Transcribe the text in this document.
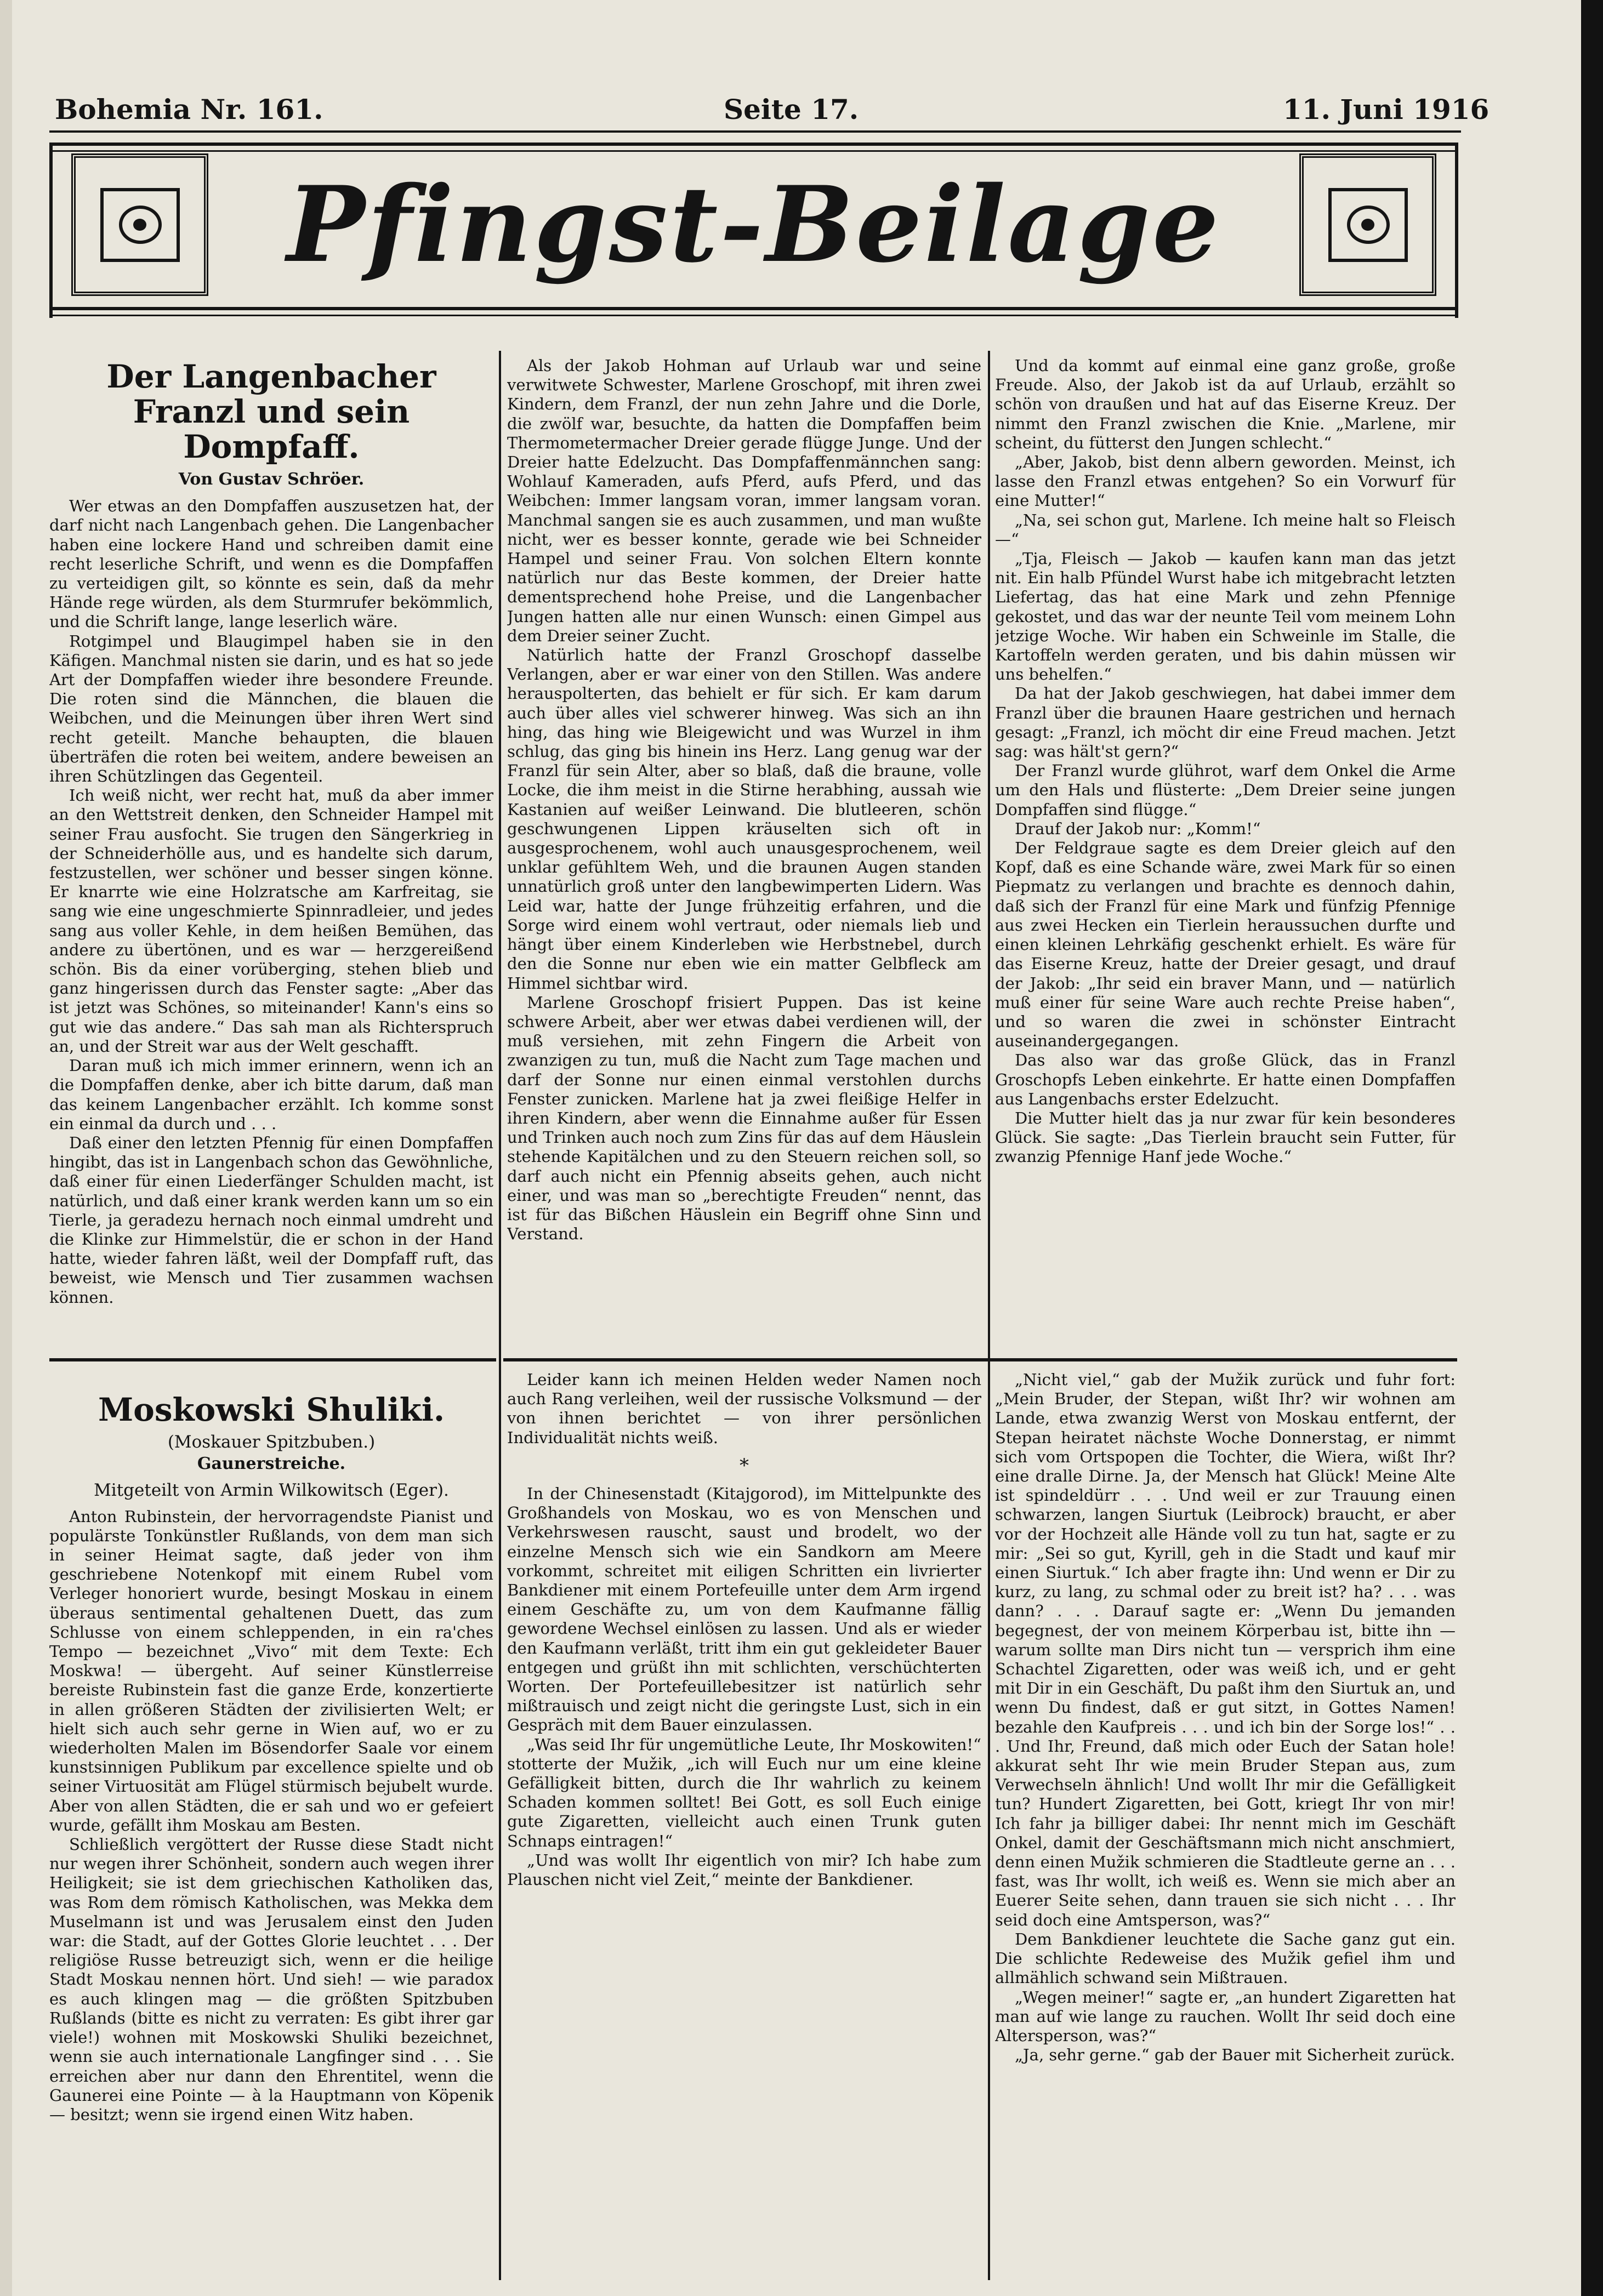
Bohemia Nr. 161.	Seite 17.	11. Juni 1916
Pfingst-Beilage
Der Langenbacher Franzl und sein Dompfaff.
Von Gustav Schröer.

Wer etwas an den Dompfaffen auszusetzen hat, der darf nicht nach Langenbach gehen. Die Langenbacher haben eine lockere Hand und schreiben damit eine recht leserliche Schrift, und wenn es die Dompfaffen zu verteidigen gilt, so könnte es sein, daß da mehr Hände rege würden, als dem Sturmrufer bekömmlich, und die Schrift lange, lange leserlich wäre.

Rotgimpel und Blaugimpel haben sie in den Käfigen. Manchmal nisten sie darin, und es hat so jede Art der Dompfaffen wieder ihre besondere Freunde. Die roten sind die Männchen, die blauen die Weibchen, und die Meinungen über ihren Wert sind recht geteilt. Manche behaupten, die blauen überträfen die roten bei weitem, andere beweisen an ihren Schützlingen das Gegenteil.

Ich weiß nicht, wer recht hat, muß da aber immer an den Wettstreit denken, den Schneider Hampel mit seiner Frau ausfocht. Sie trugen den Sängerkrieg in der Schneiderhölle aus, und es handelte sich darum, festzustellen, wer schöner und besser singen könne. Er knarrte wie eine Holzratsche am Karfreitag, sie sang wie eine ungeschmierte Spinnradleier, und jedes sang aus voller Kehle, in dem heißen Bemühen, das andere zu übertönen, und es war — herzgereißend schön. Bis da einer vorüberging, stehen blieb und ganz hingerissen durch das Fenster sagte: „Aber das ist jetzt was Schönes, so miteinander! Kann's eins so gut wie das andere.“ Das sah man als Richterspruch an, und der Streit war aus der Welt geschafft.

Daran muß ich mich immer erinnern, wenn ich an die Dompfaffen denke, aber ich bitte darum, daß man das keinem Langenbacher erzählt. Ich komme sonst ein einmal da durch und . . .

Daß einer den letzten Pfennig für einen Dompfaffen hingibt, das ist in Langenbach schon das Gewöhnliche, daß einer für einen Liederfänger Schulden macht, ist natürlich, und daß einer krank werden kann um so ein Tierle, ja geradezu hernach noch einmal umdreht und die Klinke zur Himmelstür, die er schon in der Hand hatte, wieder fahren läßt, weil der Dompfaff ruft, das beweist, wie Mensch und Tier zusammen wachsen können.

Als der Jakob Hohman auf Urlaub war und seine verwitwete Schwester, Marlene Groschopf, mit ihren zwei Kindern, dem Franzl, der nun zehn Jahre und die Dorle, die zwölf war, besuchte, da hatten die Dompfaffen beim Thermometermacher Dreier gerade flügge Junge. Und der Dreier hatte Edelzucht. Das Dompfaffenmännchen sang: Wohlauf Kameraden, aufs Pferd, aufs Pferd, und das Weibchen: Immer langsam voran, immer langsam voran. Manchmal sangen sie es auch zusammen, und man wußte nicht, wer es besser konnte, gerade wie bei Schneider Hampel und seiner Frau. Von solchen Eltern konnte natürlich nur das Beste kommen, der Dreier hatte dementsprechend hohe Preise, und die Langenbacher Jungen hatten alle nur einen Wunsch: einen Gimpel aus dem Dreier seiner Zucht.

Natürlich hatte der Franzl Groschopf dasselbe Verlangen, aber er war einer von den Stillen. Was andere herauspolterten, das behielt er für sich. Er kam darum auch über alles viel schwerer hinweg. Was sich an ihn hing, das hing wie Bleigewicht und was Wurzel in ihm schlug, das ging bis hinein ins Herz. Lang genug war der Franzl für sein Alter, aber so blaß, daß die braune, volle Locke, die ihm meist in die Stirne herabhing, aussah wie Kastanien auf weißer Leinwand. Die blutleeren, schön geschwungenen Lippen kräuselten sich oft in ausgesprochenem, wohl auch unausgesprochenem, weil unklar gefühltem Weh, und die braunen Augen standen unnatürlich groß unter den langbewimperten Lidern. Was Leid war, hatte der Junge frühzeitig erfahren, und die Sorge wird einem wohl vertraut, oder niemals lieb und hängt über einem Kinderleben wie Herbstnebel, durch den die Sonne nur eben wie ein matter Gelbfleck am Himmel sichtbar wird.

Marlene Groschopf frisiert Puppen. Das ist keine schwere Arbeit, aber wer etwas dabei verdienen will, der muß versiehen, mit zehn Fingern die Arbeit von zwanzigen zu tun, muß die Nacht zum Tage machen und darf der Sonne nur einen einmal verstohlen durchs Fenster zunicken. Marlene hat ja zwei fleißige Helfer in ihren Kindern, aber wenn die Einnahme außer für Essen und Trinken auch noch zum Zins für das auf dem Häuslein stehende Kapitälchen und zu den Steuern reichen soll, so darf auch nicht ein Pfennig abseits gehen, auch nicht einer, und was man so „berechtigte Freuden“ nennt, das ist für das Bißchen Häuslein ein Begriff ohne Sinn und Verstand.

Und da kommt auf einmal eine ganz große, große Freude. Also, der Jakob ist da auf Urlaub, erzählt so schön von draußen und hat auf das Eiserne Kreuz. Der nimmt den Franzl zwischen die Knie. „Marlene, mir scheint, du fütterst den Jungen schlecht.“

„Aber, Jakob, bist denn albern geworden. Meinst, ich lasse den Franzl etwas entgehen? So ein Vorwurf für eine Mutter!“

„Na, sei schon gut, Marlene. Ich meine halt so Fleisch —“

„Tja, Fleisch — Jakob — kaufen kann man das jetzt nit. Ein halb Pfündel Wurst habe ich mitgebracht letzten Liefertag, das hat eine Mark und zehn Pfennige gekostet, und das war der neunte Teil vom meinem Lohn jetzige Woche. Wir haben ein Schweinle im Stalle, die Kartoffeln werden geraten, und bis dahin müssen wir uns behelfen.“

Da hat der Jakob geschwiegen, hat dabei immer dem Franzl über die braunen Haare gestrichen und hernach gesagt: „Franzl, ich möcht dir eine Freud machen. Jetzt sag: was hält'st gern?“

Der Franzl wurde glührot, warf dem Onkel die Arme um den Hals und flüsterte: „Dem Dreier seine jungen Dompfaffen sind flügge.“

Drauf der Jakob nur: „Komm!“

Der Feldgraue sagte es dem Dreier gleich auf den Kopf, daß es eine Schande wäre, zwei Mark für so einen Piepmatz zu verlangen und brachte es dennoch dahin, daß sich der Franzl für eine Mark und fünfzig Pfennige aus zwei Hecken ein Tierlein heraussuchen durfte und einen kleinen Lehrkäfig geschenkt erhielt. Es wäre für das Eiserne Kreuz, hatte der Dreier gesagt, und drauf der Jakob: „Ihr seid ein braver Mann, und — natürlich muß einer für seine Ware auch rechte Preise haben“, und so waren die zwei in schönster Eintracht auseinandergegangen.

Das also war das große Glück, das in Franzl Groschopfs Leben einkehrte. Er hatte einen Dompfaffen aus Langenbachs erster Edelzucht.

Die Mutter hielt das ja nur zwar für kein besonderes Glück. Sie sagte: „Das Tierlein braucht sein Futter, für zwanzig Pfennige Hanf jede Woche.“

Moskowski Shuliki.
(Moskauer Spitzbuben.)
Gaunerstreiche.
Mitgeteilt von Armin Wilkowitsch (Eger).

Anton Rubinstein, der hervorragendste Pianist und populärste Tonkünstler Rußlands, von dem man sich in seiner Heimat sagte, daß jeder von ihm geschriebene Notenkopf mit einem Rubel vom Verleger honoriert wurde, besingt Moskau in einem überaus sentimental gehaltenen Duett, das zum Schlusse von einem schleppenden, in ein ra'ches Tempo — bezeichnet „Vivo“ mit dem Texte: Ech Moskwa! — übergeht. Auf seiner Künstlerreise bereiste Rubinstein fast die ganze Erde, konzertierte in allen größeren Städten der zivilisierten Welt; er hielt sich auch sehr gerne in Wien auf, wo er zu wiederholten Malen im Bösendorfer Saale vor einem kunstsinnigen Publikum par excellence spielte und ob seiner Virtuosität am Flügel stürmisch bejubelt wurde. Aber von allen Städten, die er sah und wo er gefeiert wurde, gefällt ihm Moskau am Besten.

Schließlich vergöttert der Russe diese Stadt nicht nur wegen ihrer Schönheit, sondern auch wegen ihrer Heiligkeit; sie ist dem griechischen Katholiken das, was Rom dem römisch Katholischen, was Mekka dem Muselmann ist und was Jerusalem einst den Juden war: die Stadt, auf der Gottes Glorie leuchtet . . . Der religiöse Russe betreuzigt sich, wenn er die heilige Stadt Moskau nennen hört. Und sieh! — wie paradox es auch klingen mag — die größten Spitzbuben Rußlands (bitte es nicht zu verraten: Es gibt ihrer gar viele!) wohnen mit Moskowski Shuliki bezeichnet, wenn sie auch internationale Langfinger sind . . . Sie erreichen aber nur dann den Ehrentitel, wenn die Gaunerei eine Pointe — à la Hauptmann von Köpenik — besitzt; wenn sie irgend einen Witz haben.

Leider kann ich meinen Helden weder Namen noch auch Rang verleihen, weil der russische Volksmund — der von ihnen berichtet — von ihrer persönlichen Individualität nichts weiß.

*

In der Chinesenstadt (Kitajgorod), im Mittelpunkte des Großhandels von Moskau, wo es von Menschen und Verkehrswesen rauscht, saust und brodelt, wo der einzelne Mensch sich wie ein Sandkorn am Meere vorkommt, schreitet mit eiligen Schritten ein livrierter Bankdiener mit einem Portefeuille unter dem Arm irgend einem Geschäfte zu, um von dem Kaufmanne fällig gewordene Wechsel einlösen zu lassen. Und als er wieder den Kaufmann verläßt, tritt ihm ein gut gekleideter Bauer entgegen und grüßt ihn mit schlichten, verschüchterten Worten. Der Portefeuillebesitzer ist natürlich sehr mißtrauisch und zeigt nicht die geringste Lust, sich in ein Gespräch mit dem Bauer einzulassen.

„Was seid Ihr für ungemütliche Leute, Ihr Moskowiten!“ stotterte der Mužik, „ich will Euch nur um eine kleine Gefälligkeit bitten, durch die Ihr wahrlich zu keinem Schaden kommen solltet! Bei Gott, es soll Euch einige gute Zigaretten, vielleicht auch einen Trunk guten Schnaps eintragen!“

„Und was wollt Ihr eigentlich von mir? Ich habe zum Plauschen nicht viel Zeit,“ meinte der Bankdiener.

„Nicht viel,“ gab der Mužik zurück und fuhr fort: „Mein Bruder, der Stepan, wißt Ihr? wir wohnen am Lande, etwa zwanzig Werst von Moskau entfernt, der Stepan heiratet nächste Woche Donnerstag, er nimmt sich vom Ortspopen die Tochter, die Wiera, wißt Ihr? eine dralle Dirne. Ja, der Mensch hat Glück! Meine Alte ist spindeldürr . . . Und weil er zur Trauung einen schwarzen, langen Siurtuk (Leibrock) braucht, er aber vor der Hochzeit alle Hände voll zu tun hat, sagte er zu mir: „Sei so gut, Kyrill, geh in die Stadt und kauf mir einen Siurtuk.“ Ich aber fragte ihn: Und wenn er Dir zu kurz, zu lang, zu schmal oder zu breit ist? ha? . . . was dann? . . . Darauf sagte er: „Wenn Du jemanden begegnest, der von meinem Körperbau ist, bitte ihn — warum sollte man Dirs nicht tun — versprich ihm eine Schachtel Zigaretten, oder was weiß ich, und er geht mit Dir in ein Geschäft, Du paßt ihm den Siurtuk an, und wenn Du findest, daß er gut sitzt, in Gottes Namen! bezahle den Kaufpreis . . . und ich bin der Sorge los!“ . . . Und Ihr, Freund, daß mich oder Euch der Satan hole! akkurat seht Ihr wie mein Bruder Stepan aus, zum Verwechseln ähnlich! Und wollt Ihr mir die Gefälligkeit tun? Hundert Zigaretten, bei Gott, kriegt Ihr von mir! Ich fahr ja billiger dabei: Ihr nennt mich im Geschäft Onkel, damit der Geschäftsmann mich nicht anschmiert, denn einen Mužik schmieren die Stadtleute gerne an . . . fast, was Ihr wollt, ich weiß es. Wenn sie mich aber an Euerer Seite sehen, dann trauen sie sich nicht . . . Ihr seid doch eine Amtsperson, was?“

Dem Bankdiener leuchtete die Sache ganz gut ein. Die schlichte Redeweise des Mužik gefiel ihm und allmählich schwand sein Mißtrauen.

„Wegen meiner!“ sagte er, „an hundert Zigaretten hat man auf wie lange zu rauchen. Wollt Ihr seid doch eine Altersperson, was?“

„Ja, sehr gerne.“ gab der Bauer mit Sicherheit zurück.
